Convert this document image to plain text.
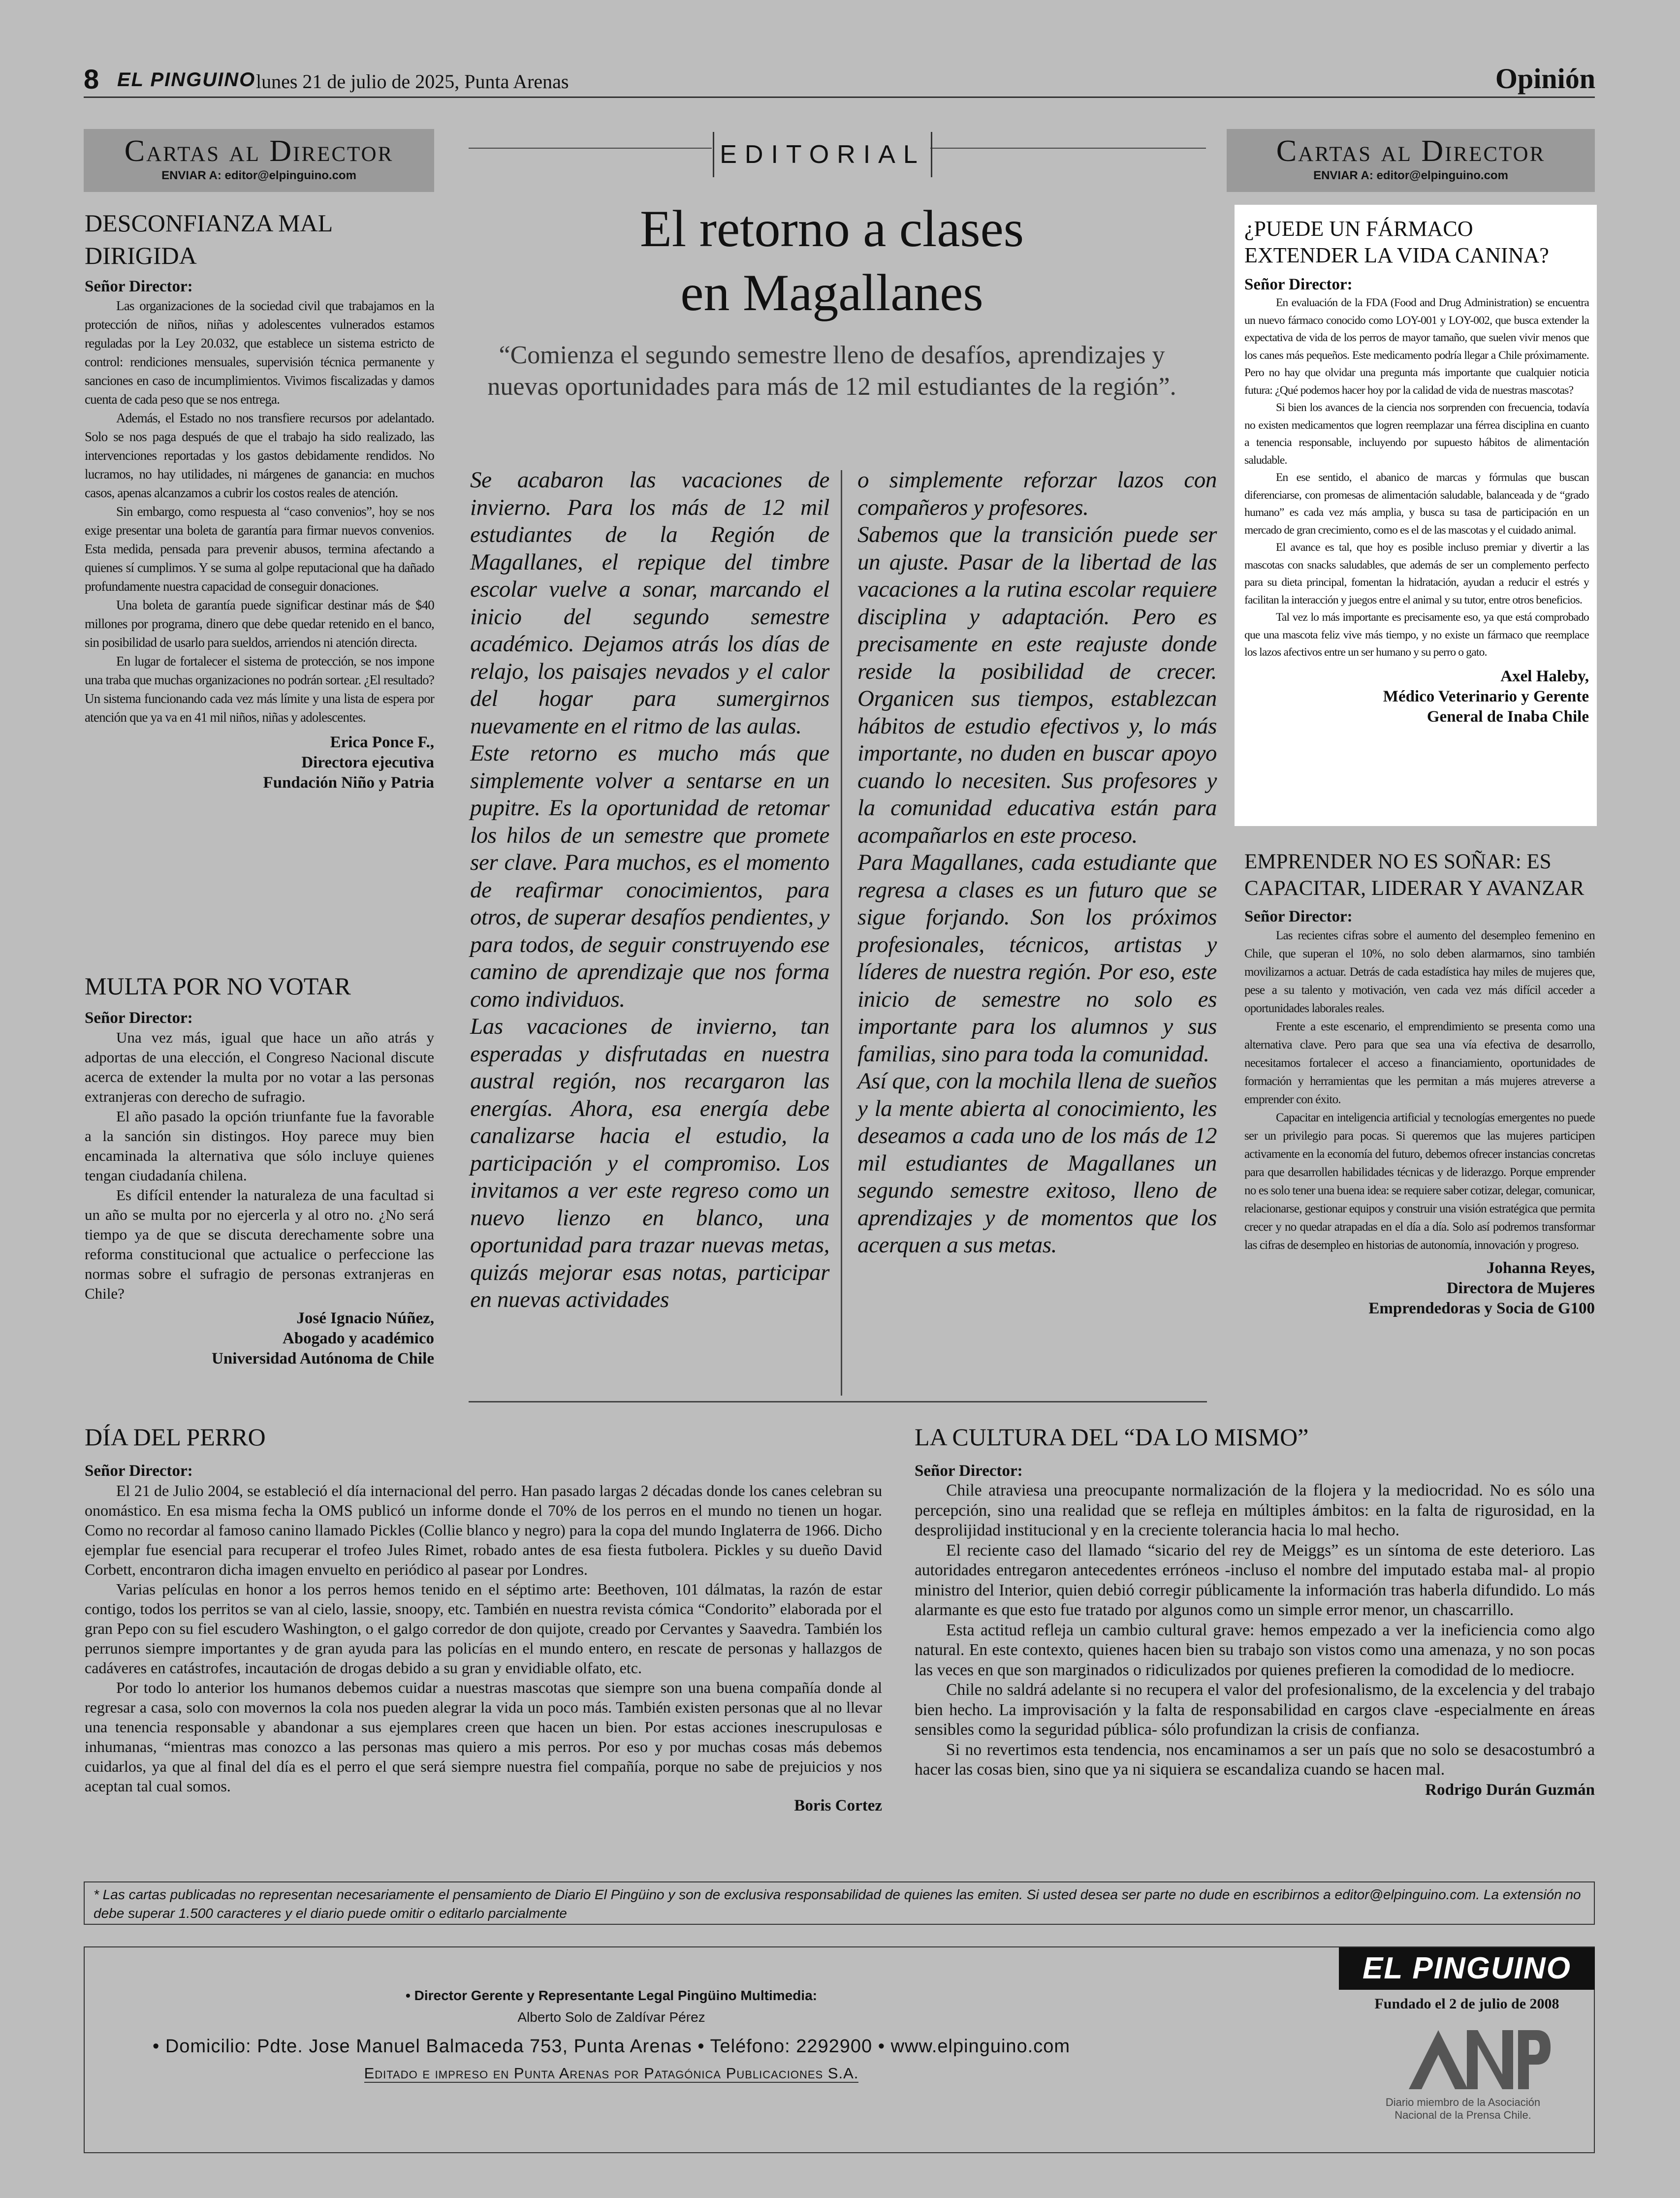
8 EL PINGUINO lunes 21 de julio de 2025, Punta Arenas	Opinión
Cartas al Director
ENVIAR A: editor@elpinguino.com
DESCONFIANZA MAL DIRIGIDA
Señor Director:

Las organizaciones de la sociedad civil que trabajamos en la protección de niños, niñas y adolescentes vulnerados estamos reguladas por la Ley 20.032, que establece un sistema estricto de control: rendiciones mensuales, supervisión técnica permanente y sanciones en caso de incumplimientos. Vivimos fiscalizadas y damos cuenta de cada peso que se nos entrega.

Además, el Estado no nos transfiere recursos por adelantado. Solo se nos paga después de que el trabajo ha sido realizado, las intervenciones reportadas y los gastos debidamente rendidos. No lucramos, no hay utilidades, ni márgenes de ganancia: en muchos casos, apenas alcanzamos a cubrir los costos reales de atención.

Sin embargo, como respuesta al “caso convenios”, hoy se nos exige presentar una boleta de garantía para firmar nuevos convenios. Esta medida, pensada para prevenir abusos, termina afectando a quienes sí cumplimos. Y se suma al golpe reputacional que ha dañado profundamente nuestra capacidad de conseguir donaciones.

Una boleta de garantía puede significar destinar más de $40 millones por programa, dinero que debe quedar retenido en el banco, sin posibilidad de usarlo para sueldos, arriendos ni atención directa.

En lugar de fortalecer el sistema de protección, se nos impone una traba que muchas organizaciones no podrán sortear. ¿El resultado? Un sistema funcionando cada vez más límite y una lista de espera por atención que ya va en 41 mil niños, niñas y adolescentes.

Erica Ponce F.,
Directora ejecutiva
Fundación Niño y Patria
MULTA POR NO VOTAR
Señor Director:

Una vez más, igual que hace un año atrás y adportas de una elección, el Congreso Nacional discute acerca de extender la multa por no votar a las personas extranjeras con derecho de sufragio.

El año pasado la opción triunfante fue la favorable a la sanción sin distingos. Hoy parece muy bien encaminada la alternativa que sólo incluye quienes tengan ciudadanía chilena.

Es difícil entender la naturaleza de una facultad si un año se multa por no ejercerla y al otro no. ¿No será tiempo ya de que se discuta derechamente sobre una reforma constitucional que actualice o perfeccione las normas sobre el sufragio de personas extranjeras en Chile?

José Ignacio Núñez,
Abogado y académico
Universidad Autónoma de Chile
EDITORIAL
El retorno a clases
en Magallanes
“Comienza el segundo semestre lleno de desafíos, aprendizajes y nuevas oportunidades para más de 12 mil estudiantes de la región”.

Se acabaron las vacaciones de invierno. Para los más de 12 mil estudiantes de la Región de Magallanes, el repique del timbre escolar vuelve a sonar, marcando el inicio del segundo semestre académico. Dejamos atrás los días de relajo, los paisajes nevados y el calor del hogar para sumergirnos nuevamente en el ritmo de las aulas.

Este retorno es mucho más que simplemente volver a sentarse en un pupitre. Es la oportunidad de retomar los hilos de un semestre que promete ser clave. Para muchos, es el momento de reafirmar conocimientos, para otros, de superar desafíos pendientes, y para todos, de seguir construyendo ese camino de aprendizaje que nos forma como individuos.

Las vacaciones de invierno, tan esperadas y disfrutadas en nuestra austral región, nos recargaron las energías. Ahora, esa energía debe canalizarse hacia el estudio, la participación y el compromiso. Los invitamos a ver este regreso como un nuevo lienzo en blanco, una oportunidad para trazar nuevas metas, quizás mejorar esas notas, participar en nuevas actividades

o simplemente reforzar lazos con compañeros y profesores.

Sabemos que la transición puede ser un ajuste. Pasar de la libertad de las vacaciones a la rutina escolar requiere disciplina y adaptación. Pero es precisamente en este reajuste donde reside la posibilidad de crecer. Organicen sus tiempos, establezcan hábitos de estudio efectivos y, lo más importante, no duden en buscar apoyo cuando lo necesiten. Sus profesores y la comunidad educativa están para acompañarlos en este proceso.

Para Magallanes, cada estudiante que regresa a clases es un futuro que se sigue forjando. Son los próximos profesionales, técnicos, artistas y líderes de nuestra región. Por eso, este inicio de semestre no solo es importante para los alumnos y sus familias, sino para toda la comunidad.

Así que, con la mochila llena de sueños y la mente abierta al conocimiento, les deseamos a cada uno de los más de 12 mil estudiantes de Magallanes un segundo semestre exitoso, lleno de aprendizajes y de momentos que los acerquen a sus metas.

Cartas al Director
ENVIAR A: editor@elpinguino.com
¿PUEDE UN FÁRMACO EXTENDER LA VIDA CANINA?
Señor Director:

En evaluación de la FDA (Food and Drug Administration) se encuentra un nuevo fármaco conocido como LOY-001 y LOY-002, que busca extender la expectativa de vida de los perros de mayor tamaño, que suelen vivir menos que los canes más pequeños. Este medicamento podría llegar a Chile próximamente. Pero no hay que olvidar una pregunta más importante que cualquier noticia futura: ¿Qué podemos hacer hoy por la calidad de vida de nuestras mascotas?

Si bien los avances de la ciencia nos sorprenden con frecuencia, todavía no existen medicamentos que logren reemplazar una férrea disciplina en cuanto a tenencia responsable, incluyendo por supuesto hábitos de alimentación saludable.

En ese sentido, el abanico de marcas y fórmulas que buscan diferenciarse, con promesas de alimentación saludable, balanceada y de “grado humano” es cada vez más amplia, y busca su tasa de participación en un mercado de gran crecimiento, como es el de las mascotas y el cuidado animal.

El avance es tal, que hoy es posible incluso premiar y divertir a las mascotas con snacks saludables, que además de ser un complemento perfecto para su dieta principal, fomentan la hidratación, ayudan a reducir el estrés y facilitan la interacción y juegos entre el animal y su tutor, entre otros beneficios.

Tal vez lo más importante es precisamente eso, ya que está comprobado que una mascota feliz vive más tiempo, y no existe un fármaco que reemplace los lazos afectivos entre un ser humano y su perro o gato.

Axel Haleby,
Médico Veterinario y Gerente
General de Inaba Chile
EMPRENDER NO ES SOÑAR: ES CAPACITAR, LIDERAR Y AVANZAR
Señor Director:

Las recientes cifras sobre el aumento del desempleo femenino en Chile, que superan el 10%, no solo deben alarmarnos, sino también movilizarnos a actuar. Detrás de cada estadística hay miles de mujeres que, pese a su talento y motivación, ven cada vez más difícil acceder a oportunidades laborales reales.

Frente a este escenario, el emprendimiento se presenta como una alternativa clave. Pero para que sea una vía efectiva de desarrollo, necesitamos fortalecer el acceso a financiamiento, oportunidades de formación y herramientas que les permitan a más mujeres atreverse a emprender con éxito.

Capacitar en inteligencia artificial y tecnologías emergentes no puede ser un privilegio para pocas. Si queremos que las mujeres participen activamente en la economía del futuro, debemos ofrecer instancias concretas para que desarrollen habilidades técnicas y de liderazgo. Porque emprender no es solo tener una buena idea: se requiere saber cotizar, delegar, comunicar, relacionarse, gestionar equipos y construir una visión estratégica que permita crecer y no quedar atrapadas en el día a día. Solo así podremos transformar las cifras de desempleo en historias de autonomía, innovación y progreso.

Johanna Reyes,
Directora de Mujeres
Emprendedoras y Socia de G100
DÍA DEL PERRO
Señor Director:

El 21 de Julio 2004, se estableció el día internacional del perro. Han pasado largas 2 décadas donde los canes celebran su onomástico. En esa misma fecha la OMS publicó un informe donde el 70% de los perros en el mundo no tienen un hogar. Como no recordar al famoso canino llamado Pickles (Collie blanco y negro) para la copa del mundo Inglaterra de 1966. Dicho ejemplar fue esencial para recuperar el trofeo Jules Rimet, robado antes de esa fiesta futbolera. Pickles y su dueño David Corbett, encontraron dicha imagen envuelto en periódico al pasear por Londres.

Varias películas en honor a los perros hemos tenido en el séptimo arte: Beethoven, 101 dálmatas, la razón de estar contigo, todos los perritos se van al cielo, lassie, snoopy, etc. También en nuestra revista cómica “Condorito” elaborada por el gran Pepo con su fiel escudero Washington, o el galgo corredor de don quijote, creado por Cervantes y Saavedra. También los perrunos siempre importantes y de gran ayuda para las policías en el mundo entero, en rescate de personas y hallazgos de cadáveres en catástrofes, incautación de drogas debido a su gran y envidiable olfato, etc.

Por todo lo anterior los humanos debemos cuidar a nuestras mascotas que siempre son una buena compañía donde al regresar a casa, solo con movernos la cola nos pueden alegrar la vida un poco más. También existen personas que al no llevar una tenencia responsable y abandonar a sus ejemplares creen que hacen un bien. Por estas acciones inescrupulosas e inhumanas, “mientras mas conozco a las personas mas quiero a mis perros. Por eso y por muchas cosas más debemos cuidarlos, ya que al final del día es el perro el que será siempre nuestra fiel compañía, porque no sabe de prejuicios y nos aceptan tal cual somos.

Boris Cortez
LA CULTURA DEL “DA LO MISMO”
Señor Director:

Chile atraviesa una preocupante normalización de la flojera y la mediocridad. No es sólo una percepción, sino una realidad que se refleja en múltiples ámbitos: en la falta de rigurosidad, en la desprolijidad institucional y en la creciente tolerancia hacia lo mal hecho.

El reciente caso del llamado “sicario del rey de Meiggs” es un síntoma de este deterioro. Las autoridades entregaron antecedentes erróneos -incluso el nombre del imputado estaba mal- al propio ministro del Interior, quien debió corregir públicamente la información tras haberla difundido. Lo más alarmante es que esto fue tratado por algunos como un simple error menor, un chascarrillo.

Esta actitud refleja un cambio cultural grave: hemos empezado a ver la ineficiencia como algo natural. En este contexto, quienes hacen bien su trabajo son vistos como una amenaza, y no son pocas las veces en que son marginados o ridiculizados por quienes prefieren la comodidad de lo mediocre.

Chile no saldrá adelante si no recupera el valor del profesionalismo, de la excelencia y del trabajo bien hecho. La improvisación y la falta de responsabilidad en cargos clave -especialmente en áreas sensibles como la seguridad pública- sólo profundizan la crisis de confianza.

Si no revertimos esta tendencia, nos encaminamos a ser un país que no solo se desacostumbró a hacer las cosas bien, sino que ya ni siquiera se escandaliza cuando se hacen mal.

Rodrigo Durán Guzmán
* Las cartas publicadas no representan necesariamente el pensamiento de Diario El Pingüino y son de exclusiva responsabilidad de quienes las emiten. Si usted desea ser parte no dude en escribirnos a editor@elpinguino.com. La extensión no debe superar 1.500 caracteres y el diario puede omitir o editarlo parcialmente
• Director Gerente y Representante Legal Pingüino Multimedia:
Alberto Solo de Zaldívar Pérez
• Domicilio: Pdte. Jose Manuel Balmaceda 753, Punta Arenas • Teléfono: 2292900 • www.elpinguino.com
Editado e impreso en Punta Arenas por Patagónica Publicaciones S.A.
EL PINGUINO
Fundado el 2 de julio de 2008
Diario miembro de la Asociación
Nacional de la Prensa Chile.
